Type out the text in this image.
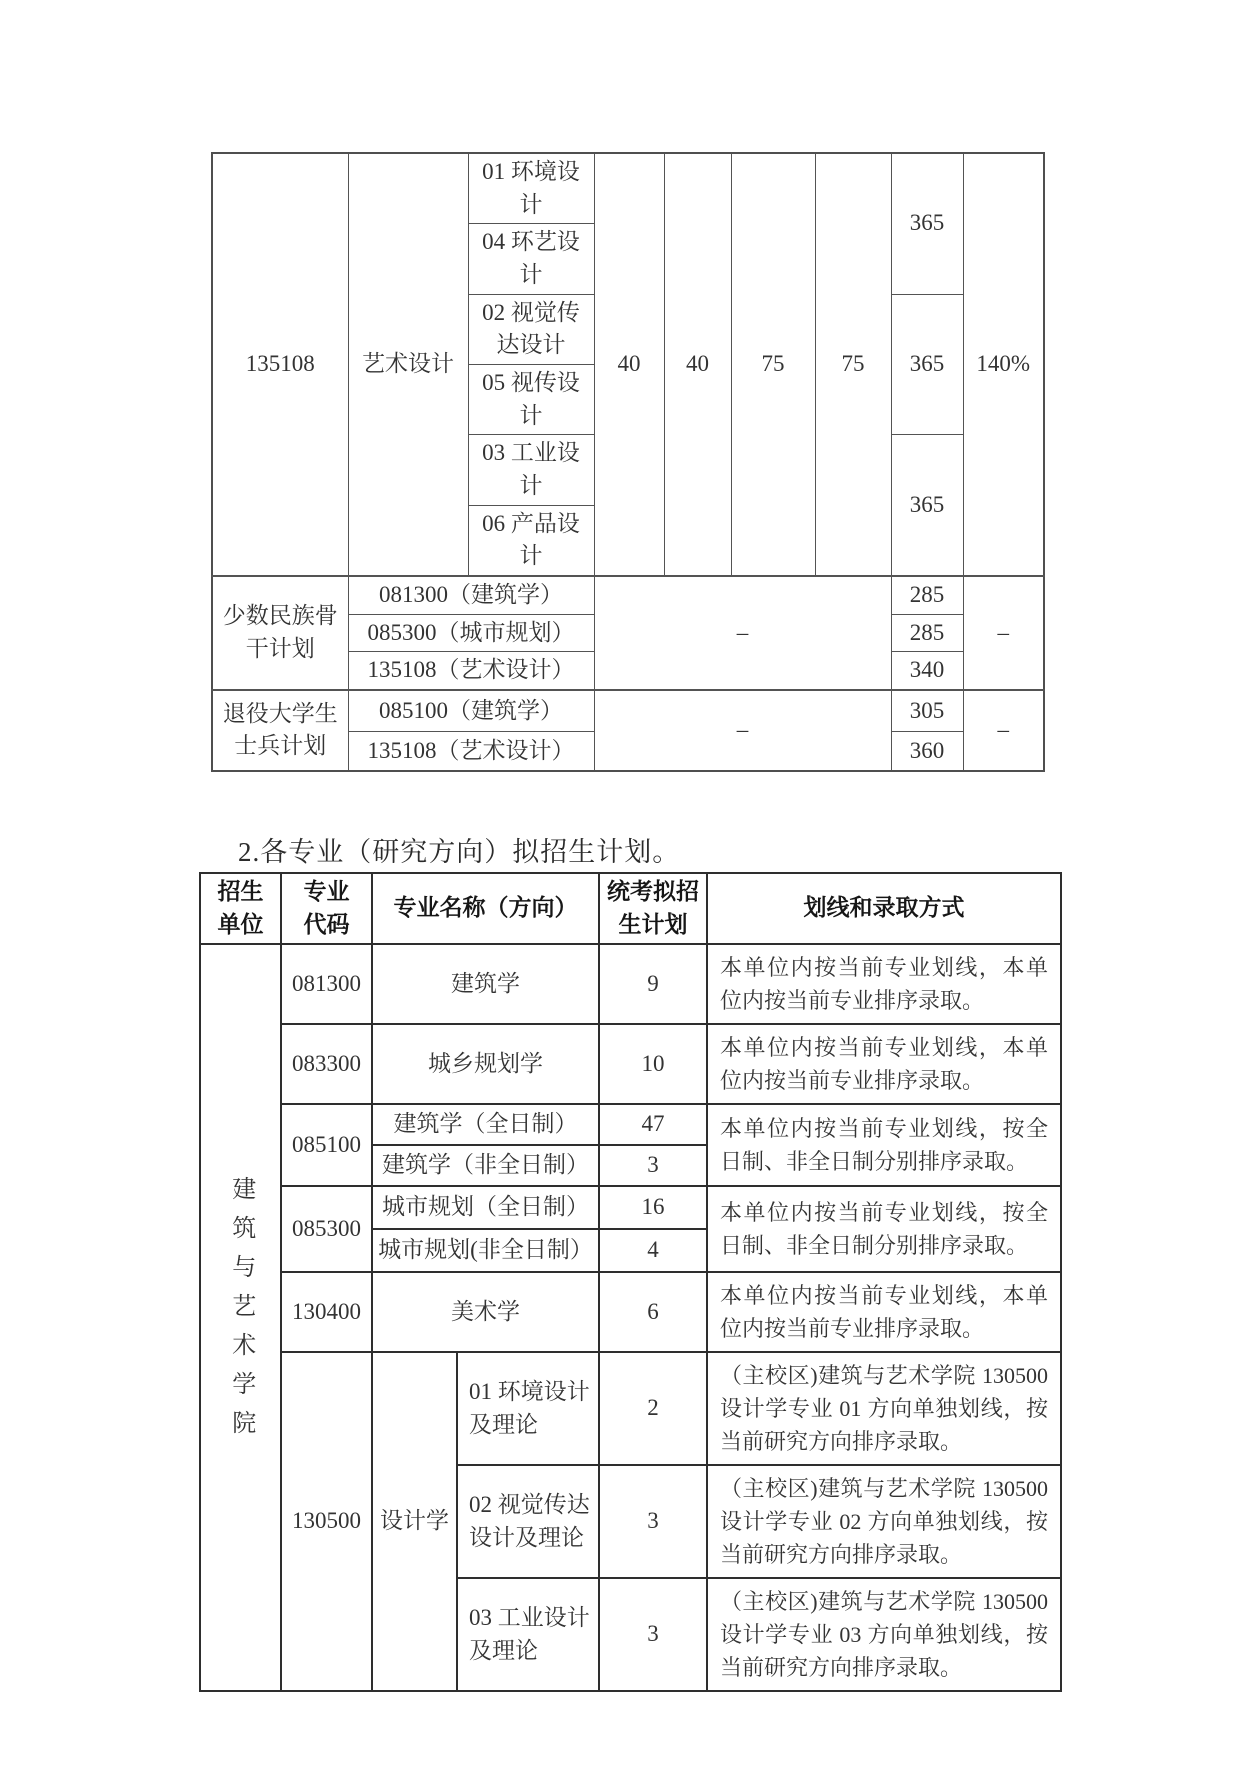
135108	艺术设计	01 环境设计	40	40	75	75	365	140%
		04 环艺设计						
		02 视觉传达设计					365	
		05 视传设计						
		03 工业设计					365	
		06 产品设计						
少数民族骨干计划	081300（建筑学）		–				285	–
	085300（城市规划）						285	
	135108（艺术设计）						340	
退役大学生士兵计划	085100（建筑学）		–				305	–
	135108（艺术设计）						360	
2.各专业（研究方向）拟招生计划。
招生单位	专业代码	专业名称（方向）		统考拟招生计划	划线和录取方式
建筑与艺术学院	081300	建筑学		9	本单位内按当前专业划线，本单位内按当前专业排序录取。
	083300	城乡规划学		10	本单位内按当前专业划线，本单位内按当前专业排序录取。
	085100	建筑学（全日制）		47	本单位内按当前专业划线，按全日制、非全日制分别排序录取。
		建筑学（非全日制）		3	
	085300	城市规划（全日制）		16	本单位内按当前专业划线，按全日制、非全日制分别排序录取。
		城市规划(非全日制）		4	
	130400	美术学		6	本单位内按当前专业划线，本单位内按当前专业排序录取。
	130500	设计学	01 环境设计及理论	2	（主校区)建筑与艺术学院 130500 设计学专业 01 方向单独划线，按当前研究方向排序录取。
			02 视觉传达设计及理论	3	（主校区)建筑与艺术学院 130500 设计学专业 02 方向单独划线，按当前研究方向排序录取。
			03 工业设计及理论	3	（主校区)建筑与艺术学院 130500 设计学专业 03 方向单独划线，按当前研究方向排序录取。
